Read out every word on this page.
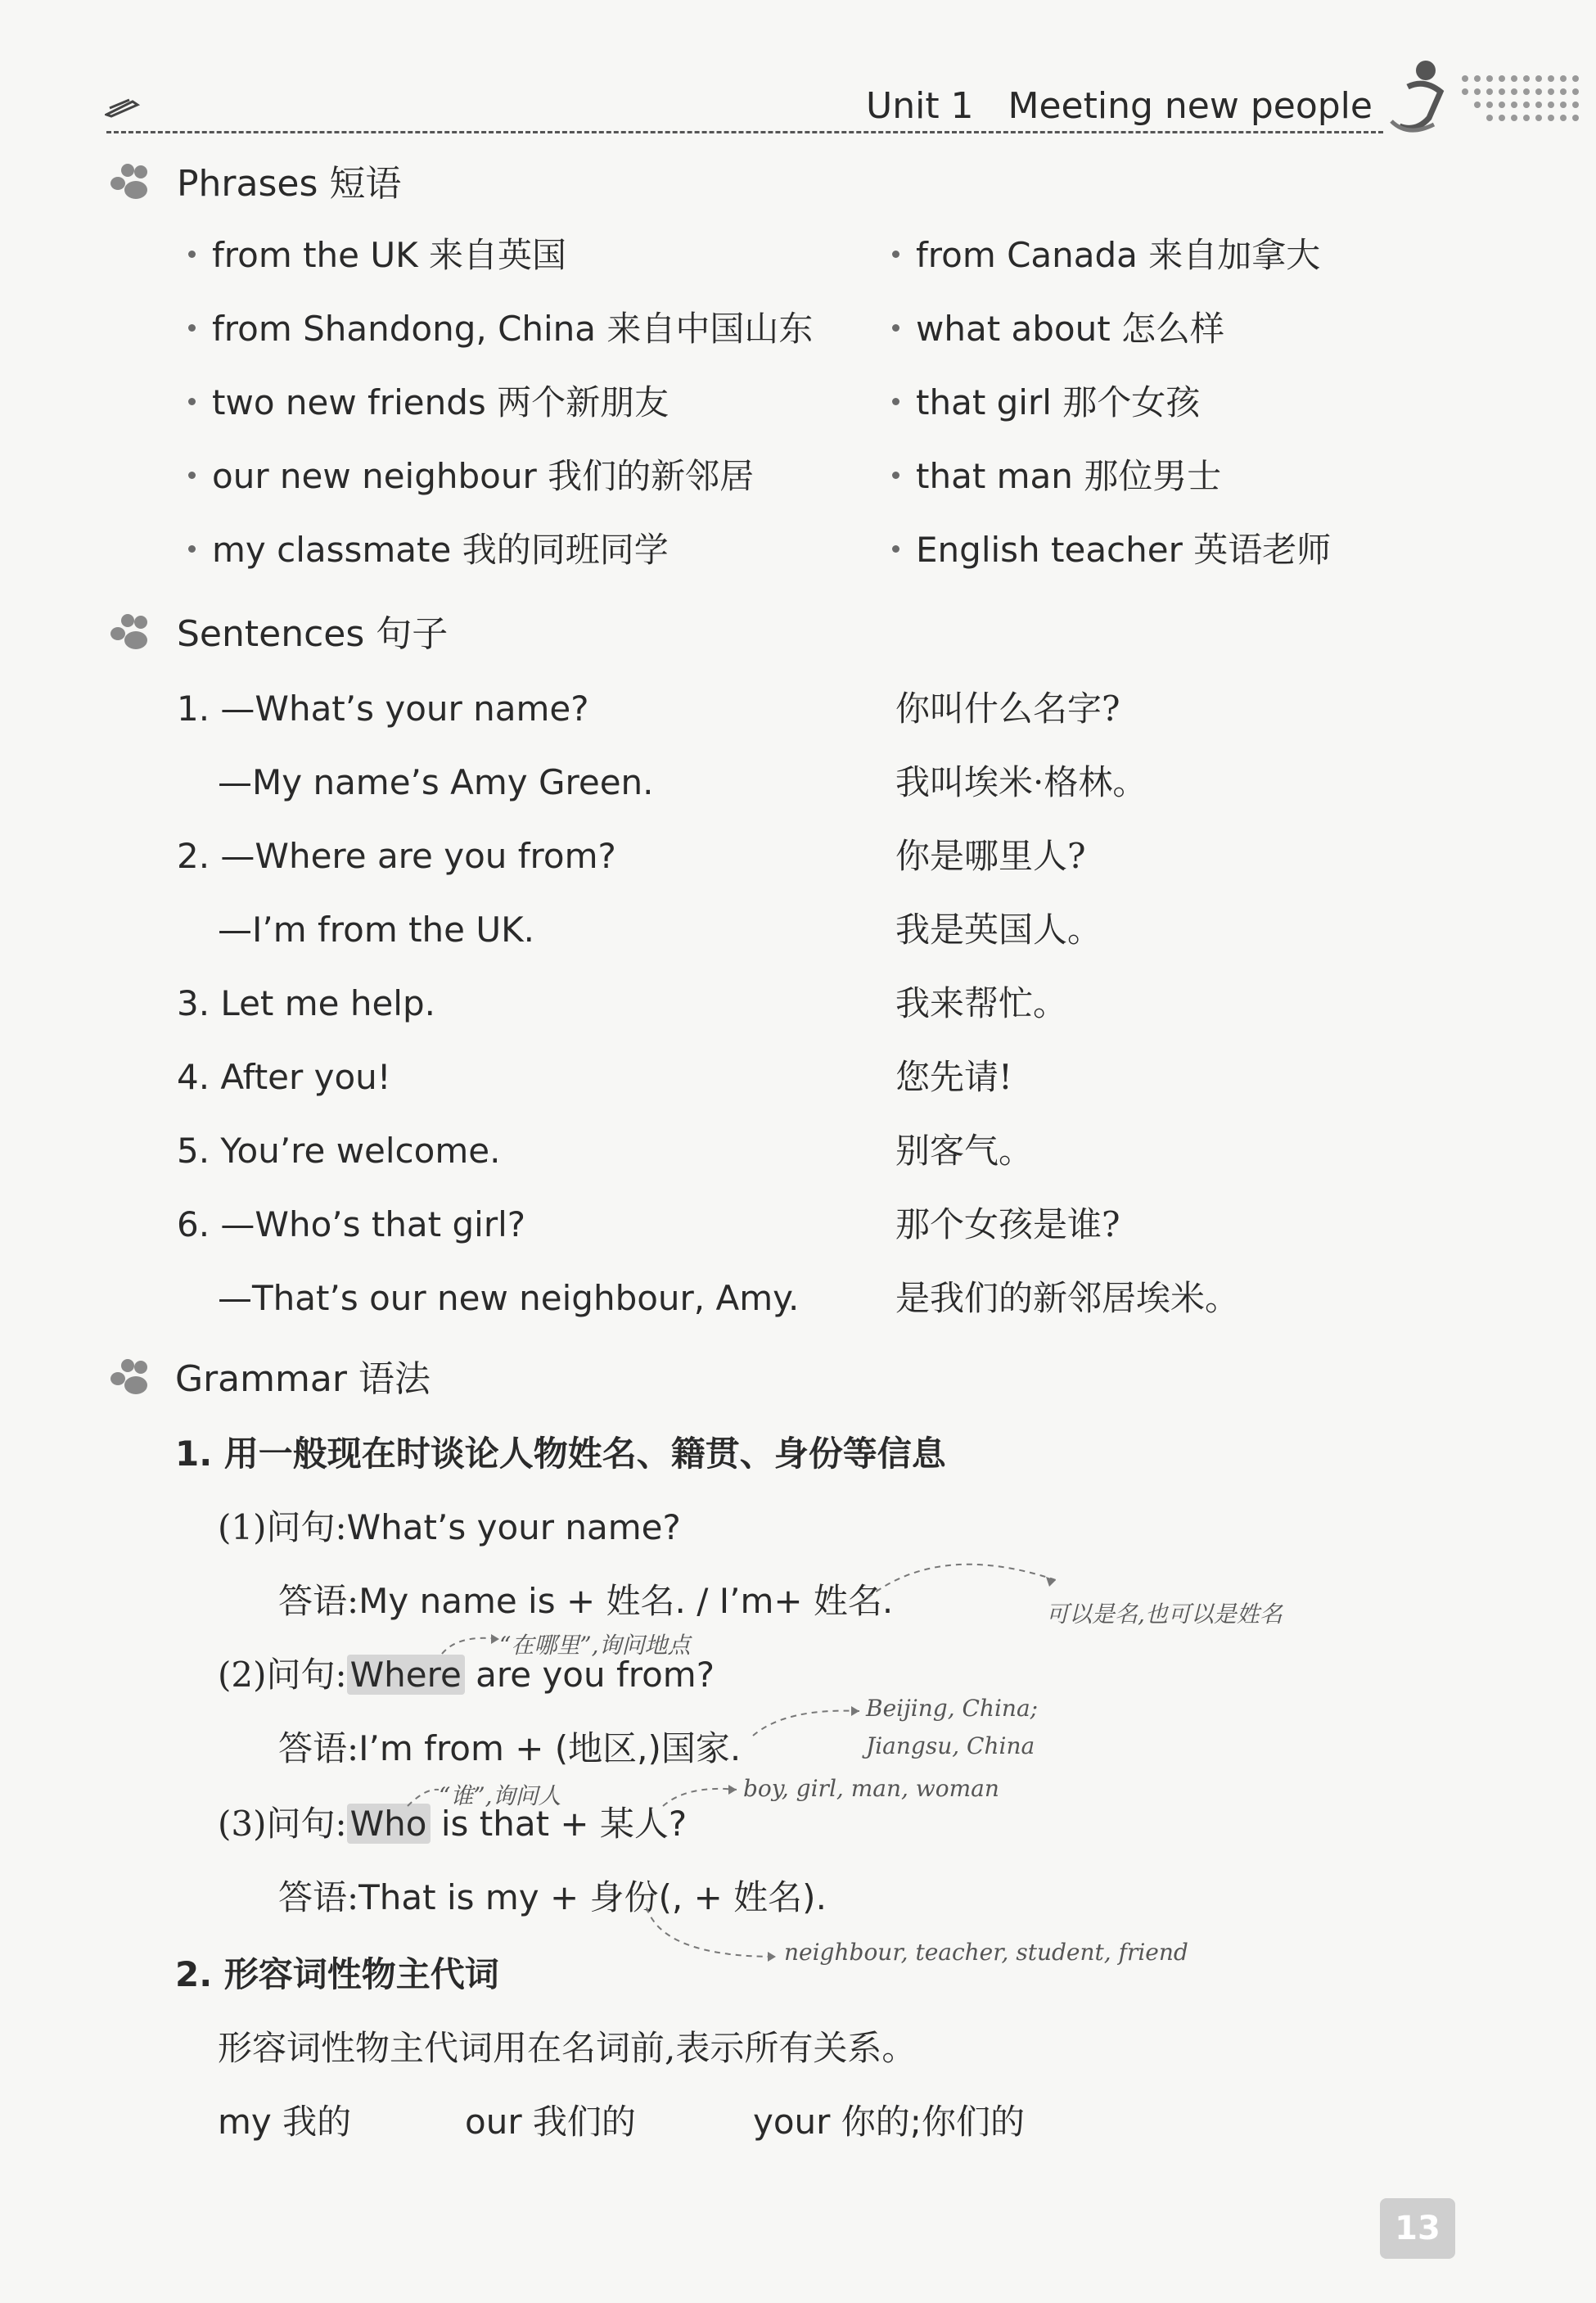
Unit 1   Meeting new people
Phrases 短语
from the UK 来自英国
from Shandong, China 来自中国山东
two new friends 两个新朋友
our new neighbour 我们的新邻居
my classmate 我的同班同学
from Canada 来自加拿大
what about 怎么样
that girl 那个女孩
that man 那位男士
English teacher 英语老师
Sentences 句子
1. —What’s your name?	你叫什么名字?
—My name’s Amy Green.	我叫埃米·格林。
2. —Where are you from?	你是哪里人?
—I’m from the UK.	我是英国人。
3. Let me help.	我来帮忙。
4. After you!	您先请!
5. You’re welcome.	别客气。
6. —Who’s that girl?	那个女孩是谁?
—That’s our new neighbour, Amy.	是我们的新邻居埃米。
Grammar 语法
1. 用一般现在时谈论人物姓名、籍贯、身份等信息
(1)问句:What’s your name?
答语:My name is + 姓名. / I’m+ 姓名.	可以是名,也可以是姓名
“在哪里”,询问地点
(2)问句:Where are you from?
Beijing, China;
答语:I’m from + (地区,)国家.	Jiangsu, China
“谁”,询问人	boy, girl, man, woman
(3)问句:Who is that + 某人?
答语:That is my + 身份(, + 姓名).
neighbour, teacher, student, friend
2. 形容词性物主代词
形容词性物主代词用在名词前,表示所有关系。
my 我的	our 我们的	your 你的;你们的
13
